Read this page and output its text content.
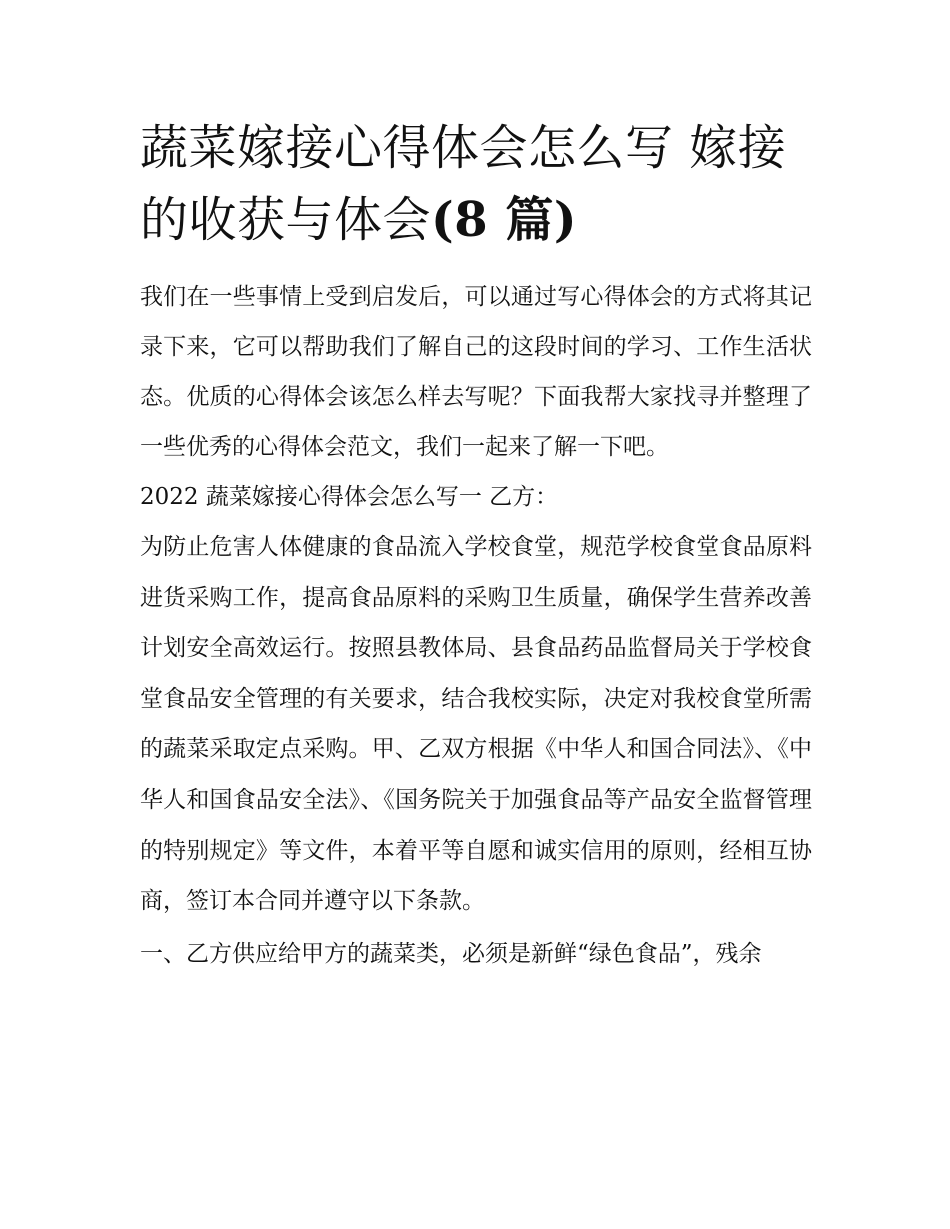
蔬菜嫁接心得体会怎么写 嫁接的收获与体会(8 篇)

我们在一些事情上受到启发后，可以通过写心得体会的方式将其记录下来，它可以帮助我们了解自己的这段时间的学习、工作生活状态。优质的心得体会该怎么样去写呢？下面我帮大家找寻并整理了一些优秀的心得体会范文，我们一起来了解一下吧。

2022 蔬菜嫁接心得体会怎么写一 乙方：

为防止危害人体健康的食品流入学校食堂，规范学校食堂食品原料进货采购工作，提高食品原料的采购卫生质量，确保学生营养改善计划安全高效运行。按照县教体局、县食品药品监督局关于学校食堂食品安全管理的有关要求，结合我校实际，决定对我校食堂所需的蔬菜采取定点采购。甲、乙双方根据《中华人和国合同法》、《中华人和国食品安全法》、《国务院关于加强食品等产品安全监督管理的特别规定》等文件，本着平等自愿和诚实信用的原则，经相互协商，签订本合同并遵守以下条款。

一、乙方供应给甲方的蔬菜类，必须是新鲜“绿色食品”，残余
